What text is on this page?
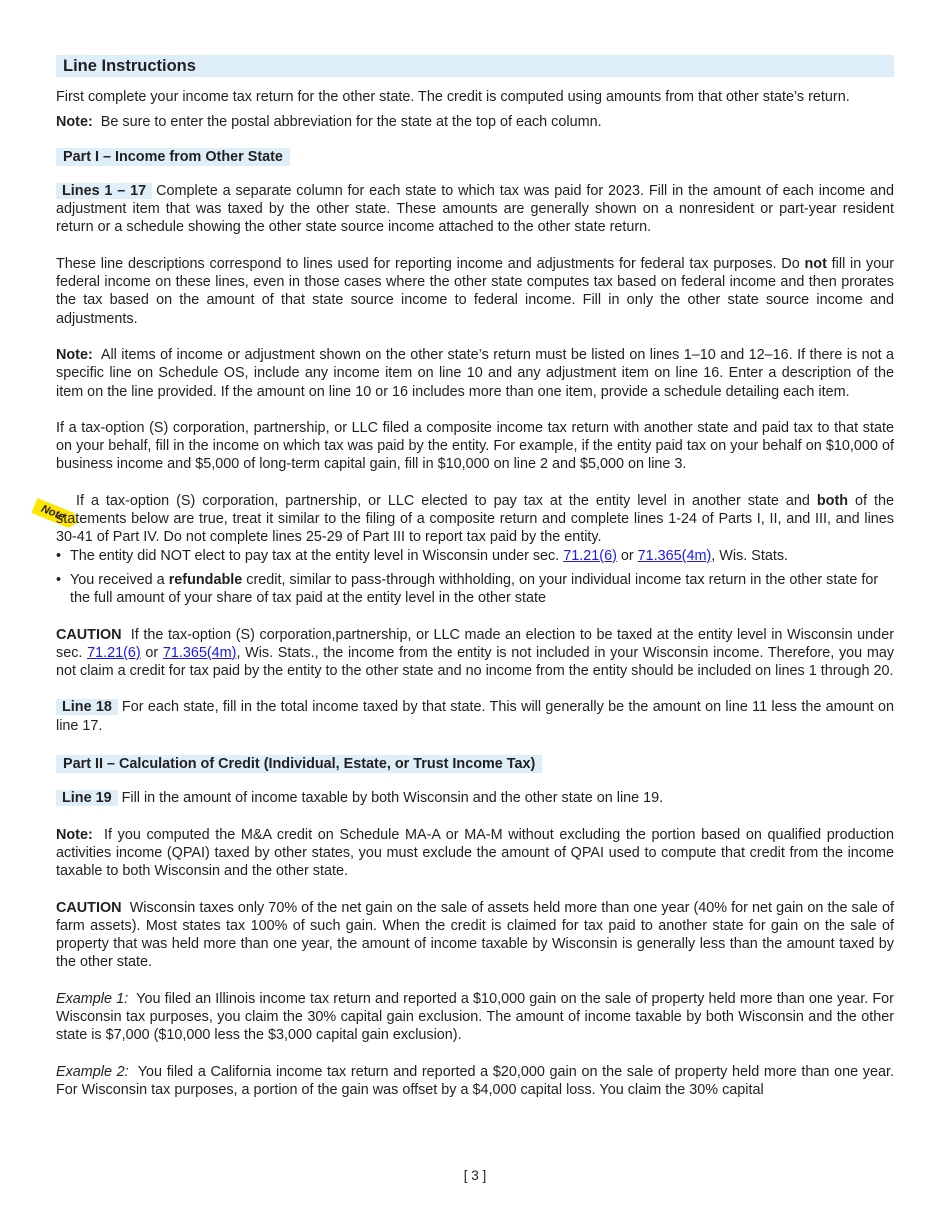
Note
Line Instructions

First complete your income tax return for the other state. The credit is computed using amounts from that other state’s return.

Note: Be sure to enter the postal abbreviation for the state at the top of each column.

Part I – Income from Other State

Lines 1 – 17 Complete a separate column for each state to which tax was paid for 2023. Fill in the amount of each income and adjustment item that was taxed by the other state. These amounts are generally shown on a nonresident or part-year resident return or a schedule showing the other state source income attached to the other state return.

These line descriptions correspond to lines used for reporting income and adjustments for federal tax purposes. Do not fill in your federal income on these lines, even in those cases where the other state computes tax based on federal income and then prorates the tax based on the amount of that state source income to federal income. Fill in only the other state source income and adjustments.

Note: All items of income or adjustment shown on the other state’s return must be listed on lines 1–10 and 12–16. If there is not a specific line on Schedule OS, include any income item on line 10 and any adjustment item on line 16. Enter a description of the item on the line provided. If the amount on line 10 or 16 includes more than one item, provide a schedule detailing each item.

If a tax-option (S) corporation, partnership, or LLC filed a composite income tax return with another state and paid tax to that state on your behalf, fill in the income on which tax was paid by the entity. For example, if the entity paid tax on your behalf on $10,000 of business income and $5,000 of long-term capital gain, fill in $10,000 on line 2 and $5,000 on line 3.

If a tax-option (S) corporation, partnership, or LLC elected to pay tax at the entity level in another state and both of the statements below are true, treat it similar to the filing of a composite return and complete lines 1-24 of Parts I, II, and III, and lines 30-41 of Part IV. Do not complete lines 25-29 of Part III to report tax paid by the entity.

• The entity did NOT elect to pay tax at the entity level in Wisconsin under sec. 71.21(6) or 71.365(4m), Wis. Stats.
• You received a refundable credit, similar to pass-through withholding, on your individual income tax return in the other state for the full amount of your share of tax paid at the entity level in the other state

CAUTION If the tax-option (S) corporation,partnership, or LLC made an election to be taxed at the entity level in Wisconsin under sec. 71.21(6) or 71.365(4m), Wis. Stats., the income from the entity is not included in your Wisconsin income. Therefore, you may not claim a credit for tax paid by the entity to the other state and no income from the entity should be included on lines 1 through 20.

Line 18 For each state, fill in the total income taxed by that state. This will generally be the amount on line 11 less the amount on line 17.

Part II – Calculation of Credit (Individual, Estate, or Trust Income Tax)

Line 19 Fill in the amount of income taxable by both Wisconsin and the other state on line 19.

Note: If you computed the M&A credit on Schedule MA-A or MA-M without excluding the portion based on qualified production activities income (QPAI) taxed by other states, you must exclude the amount of QPAI used to compute that credit from the income taxable to both Wisconsin and the other state.

CAUTION Wisconsin taxes only 70% of the net gain on the sale of assets held more than one year (40% for net gain on the sale of farm assets). Most states tax 100% of such gain. When the credit is claimed for tax paid to another state for gain on the sale of property that was held more than one year, the amount of income taxable by Wisconsin is generally less than the amount taxed by the other state.

Example 1: You filed an Illinois income tax return and reported a $10,000 gain on the sale of property held more than one year. For Wisconsin tax purposes, you claim the 30% capital gain exclusion. The amount of income taxable by both Wisconsin and the other state is $7,000 ($10,000 less the $3,000 capital gain exclusion).

Example 2: You filed a California income tax return and reported a $20,000 gain on the sale of property held more than one year. For Wisconsin tax purposes, a portion of the gain was offset by a $4,000 capital loss. You claim the 30% capital

[ 3 ]
